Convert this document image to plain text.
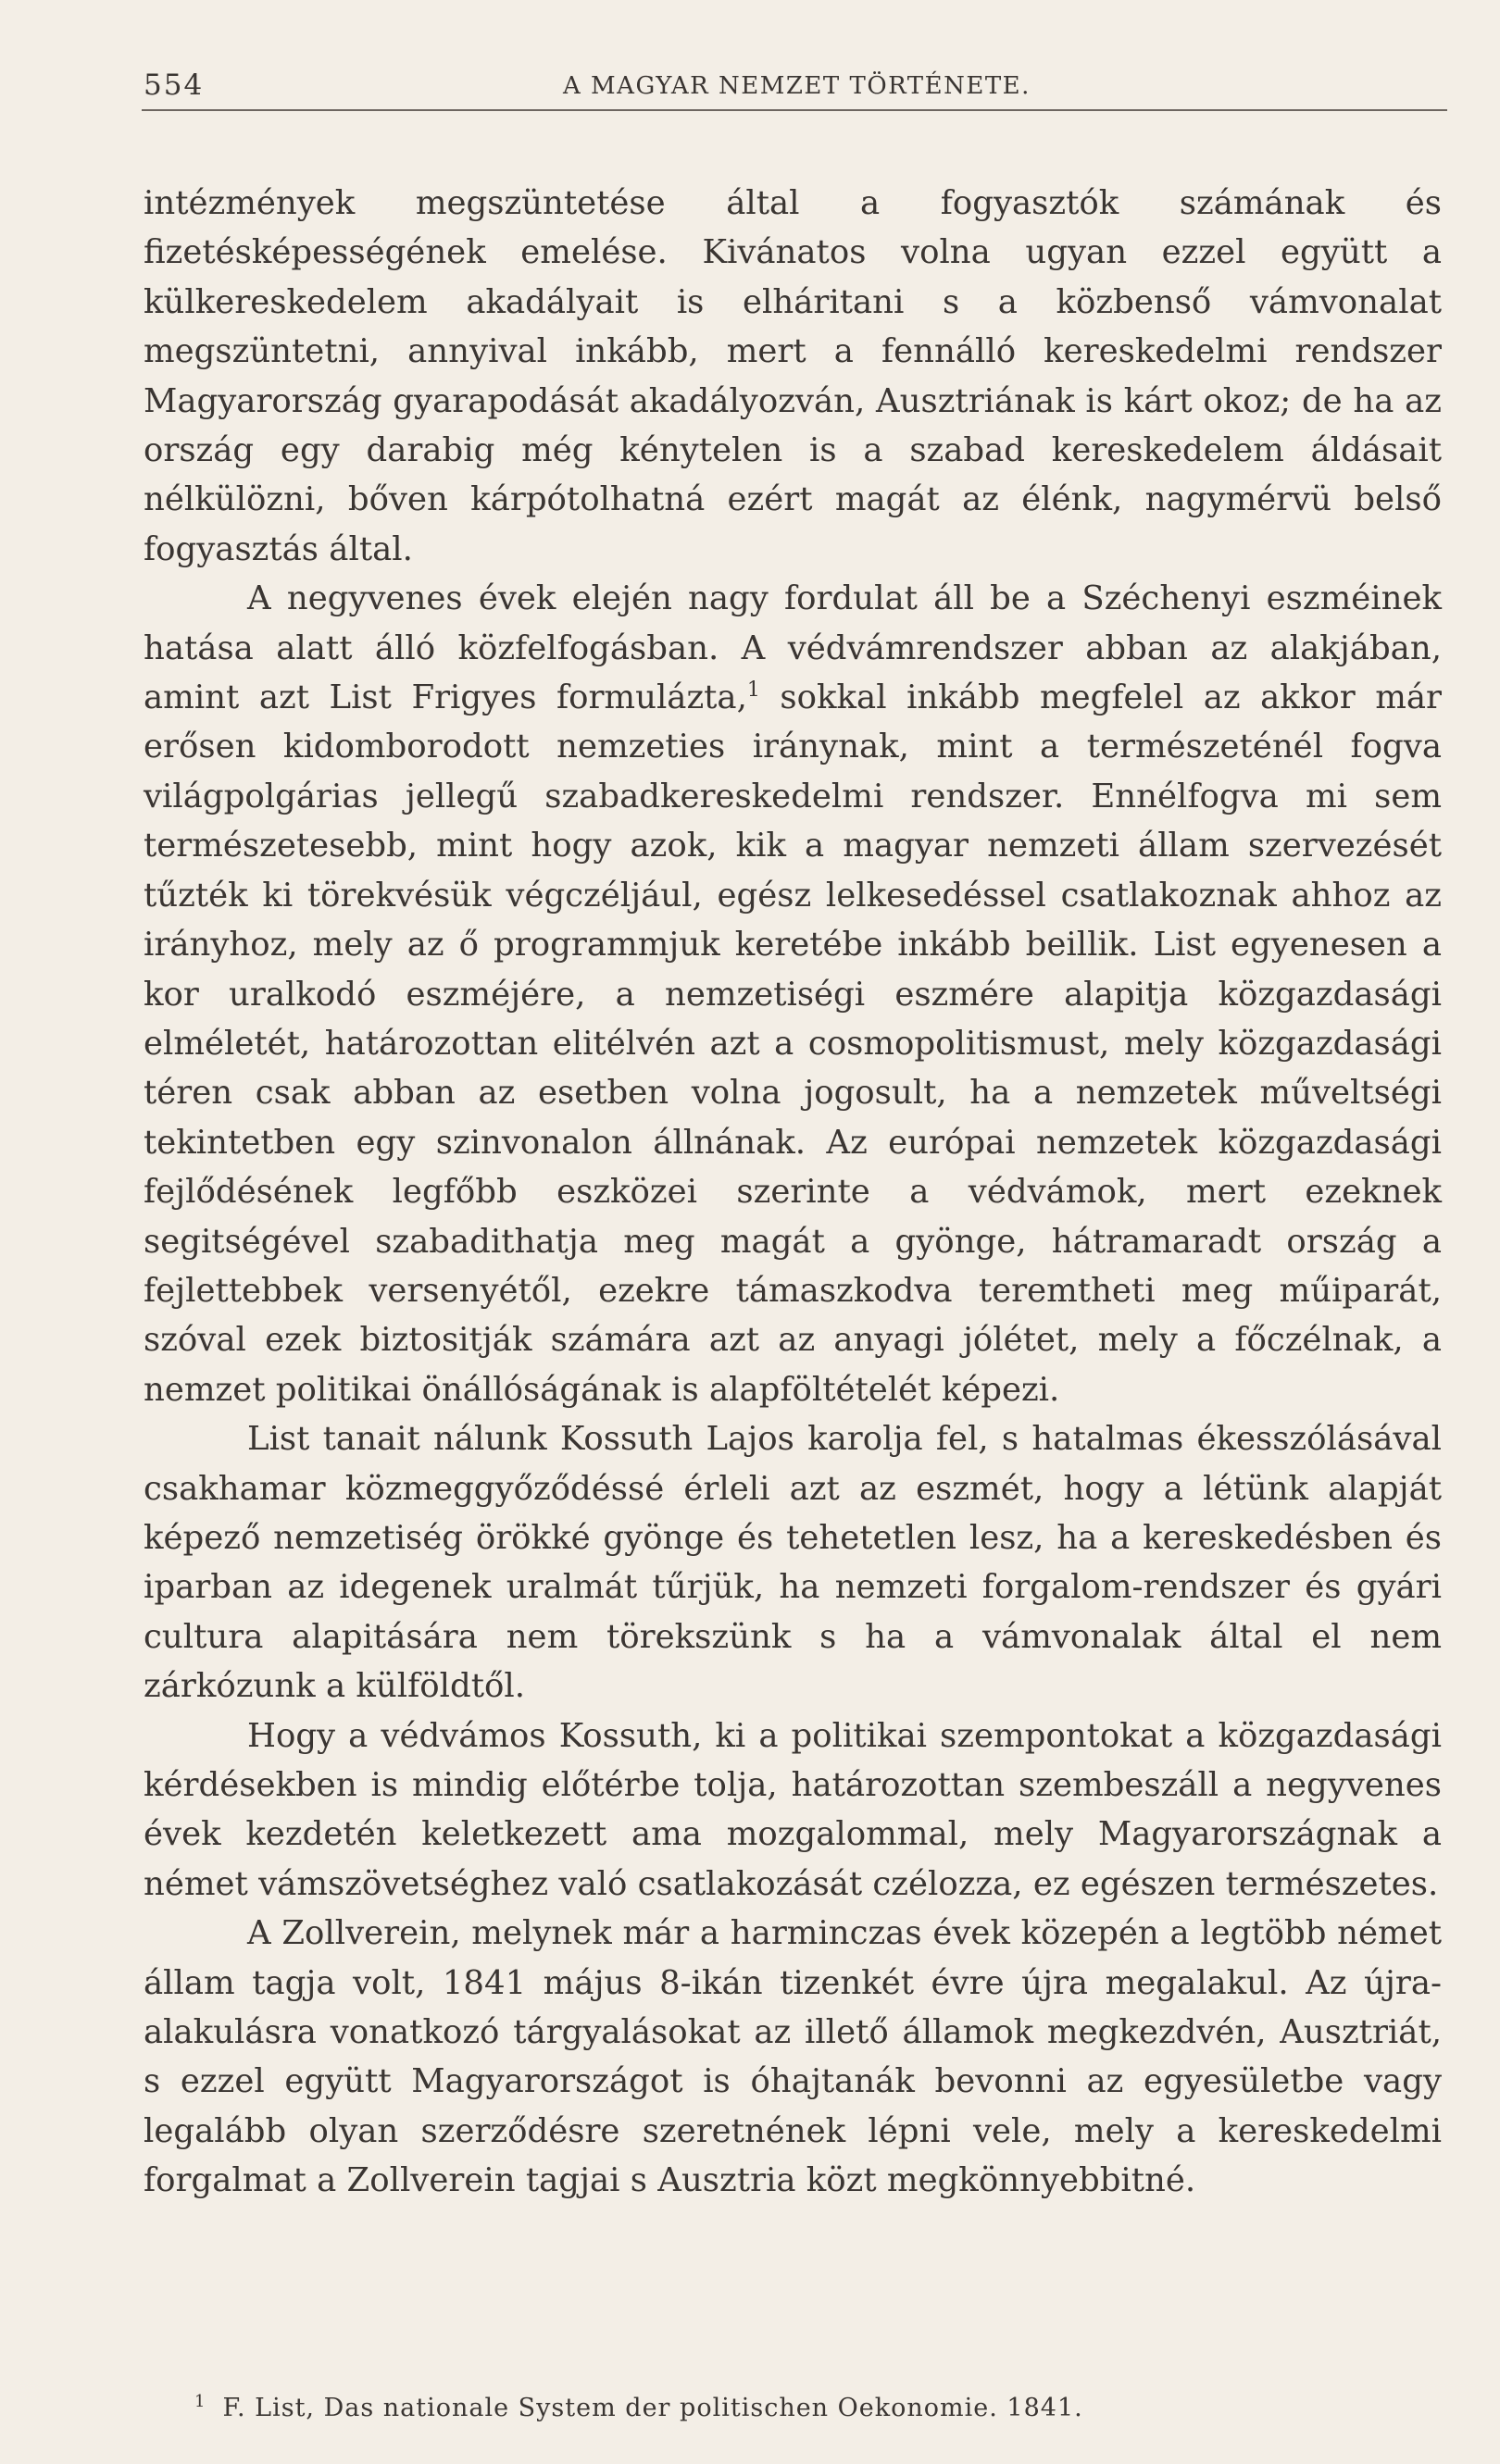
554	A MAGYAR NEMZET TÖRTÉNETE.

intézmények megszüntetése által a fogyasztók számának és fizetésképességének emelése. Kivánatos volna ugyan ezzel együtt a külkereskedelem akadályait is elháritani s a közbenső vámvonalat megszüntetni, annyival inkább, mert a fennálló kereskedelmi rendszer Magyarország gyarapodását akadályozván, Ausztriának is kárt okoz; de ha az ország egy darabig még kénytelen is a szabad kereskedelem áldásait nélkülözni, bőven kárpótolhatná ezért magát az élénk, nagymérvü belső fogyasztás által.

A negyvenes évek elején nagy fordulat áll be a Széchenyi eszméinek hatása alatt álló közfelfogásban. A védvámrendszer abban az alakjában, amint azt List Frigyes formulázta,$^1$ sokkal inkább megfelel az akkor már erősen kidomborodott nemzeties iránynak, mint a természeténél fogva világpolgárias jellegű szabadkereskedelmi rendszer. Ennélfogva mi sem természetesebb, mint hogy azok, kik a magyar nemzeti állam szervezését tűzték ki törekvésük végczéljául, egész lelkesedéssel csatlakoznak ahhoz az irányhoz, mely az ő programmjuk keretébe inkább beillik. List egyenesen a kor uralkodó eszméjére, a nemzetiségi eszmére alapitja közgazdasági elméletét, határozottan elitélvén azt a cosmopolitismust, mely közgazdasági téren csak abban az esetben volna jogosult, ha a nemzetek műveltségi tekintetben egy szinvonalon állnának. Az európai nemzetek közgazdasági fejlődésének legfőbb eszközei szerinte a védvámok, mert ezeknek segitségével szabadithatja meg magát a gyönge, hátramaradt ország a fejlettebbek versenyétől, ezekre támaszkodva teremtheti meg műiparát, szóval ezek biztositják számára azt az anyagi jólétet, mely a főczélnak, a nemzet politikai önállóságának is alapföltételét képezi.

List tanait nálunk Kossuth Lajos karolja fel, s hatalmas ékesszólásával csakhamar közmeggyőződéssé érleli azt az eszmét, hogy a létünk alapját képező nemzetiség örökké gyönge és tehetetlen lesz, ha a kereskedésben és iparban az idegenek uralmát tűrjük, ha nemzeti forgalom-rendszer és gyári cultura alapitására nem törekszünk s ha a vámvonalak által el nem zárkózunk a külföldtől.

Hogy a védvámos Kossuth, ki a politikai szempontokat a közgazdasági kérdésekben is mindig előtérbe tolja, határozottan szembeszáll a negyvenes évek kezdetén keletkezett ama mozgalommal, mely Magyarországnak a német vámszövetséghez való csatlakozását czélozza, ez egészen természetes.

A Zollverein, melynek már a harminczas évek közepén a legtöbb német állam tagja volt, 1841 május 8-ikán tizenkét évre újra megalakul. Az újra-alakulásra vonatkozó tárgyalásokat az illető államok megkezdvén, Ausztriát, s ezzel együtt Magyarországot is óhajtanák bevonni az egyesületbe vagy legalább olyan szerződésre szeretnének lépni vele, mely a kereskedelmi forgalmat a Zollverein tagjai s Ausztria közt megkönnyebbitné.

$^1$ F. List, Das nationale System der politischen Oekonomie. 1841.
